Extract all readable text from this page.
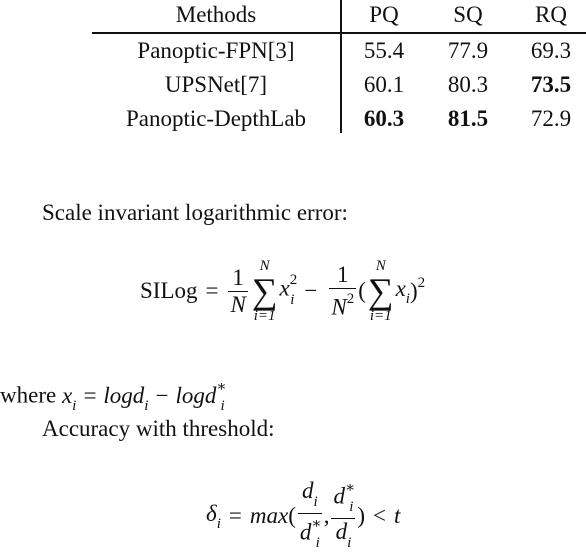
Methods	PQ	SQ	RQ
Panoptic-FPN[3]	55.4	77.9	69.3
UPSNet[7]	60.1	80.3	73.5
Panoptic-DepthLab	60.3	81.5	72.9
Scale invariant logarithmic error:
SILog = $\frac{1}{N}$ N
∑
i=1
$x^2_i - \frac{1}{N^2}$ (
N
∑
i=1
$x_i$ )$^2$
where $x_i = \log d_i - \log d^∗_i$
Accuracy with threshold:
$\delta_i = \max$ ( $\frac{d_i}{d^∗_i}$ , $\frac{d^∗_i}{d_i}$ ) < t
